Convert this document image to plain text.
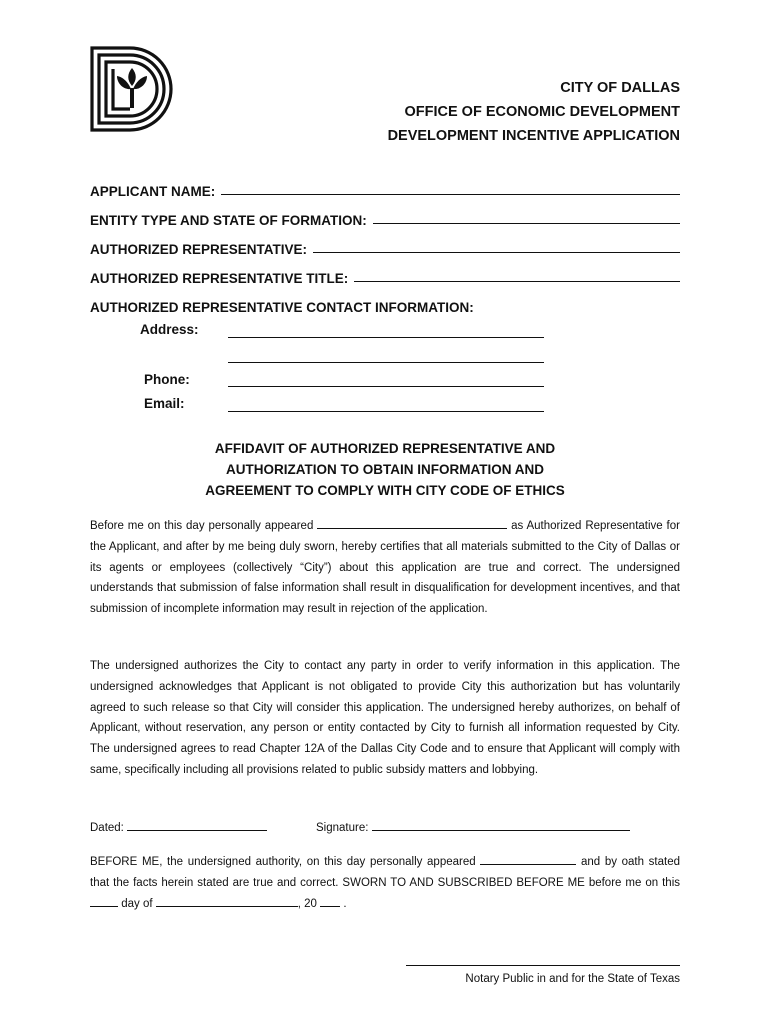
CITY OF DALLAS
OFFICE OF ECONOMIC DEVELOPMENT
DEVELOPMENT INCENTIVE APPLICATION
APPLICANT NAME:
ENTITY TYPE AND STATE OF FORMATION:
AUTHORIZED REPRESENTATIVE:
AUTHORIZED REPRESENTATIVE TITLE:
AUTHORIZED REPRESENTATIVE CONTACT INFORMATION:
Address:
Phone:
Email:
AFFIDAVIT OF AUTHORIZED REPRESENTATIVE AND
AUTHORIZATION TO OBTAIN INFORMATION AND
AGREEMENT TO COMPLY WITH CITY CODE OF ETHICS
Before me on this day personally appeared	as Authorized Representative for the Applicant, and after by me being duly sworn, hereby certifies that all materials submitted to the City of Dallas or its agents or employees (collectively “City”) about this application are true and correct. The undersigned understands that submission of false information shall result in disqualification for development incentives, and that submission of incomplete information may result in rejection of the application.
The undersigned authorizes the City to contact any party in order to verify information in this application. The undersigned acknowledges that Applicant is not obligated to provide City this authorization but has voluntarily agreed to such release so that City will consider this application. The undersigned hereby authorizes, on behalf of Applicant, without reservation, any person or entity contacted by City to furnish all information requested by City. The undersigned agrees to read Chapter 12A of the Dallas City Code and to ensure that Applicant will comply with same, specifically including all provisions related to public subsidy matters and lobbying.
Dated:	Signature:
BEFORE ME, the undersigned authority, on this day personally appeared	and by oath stated that the facts herein stated are true and correct. SWORN TO AND SUBSCRIBED BEFORE ME before me on this  day of	, 20 .
Notary Public in and for the State of Texas
